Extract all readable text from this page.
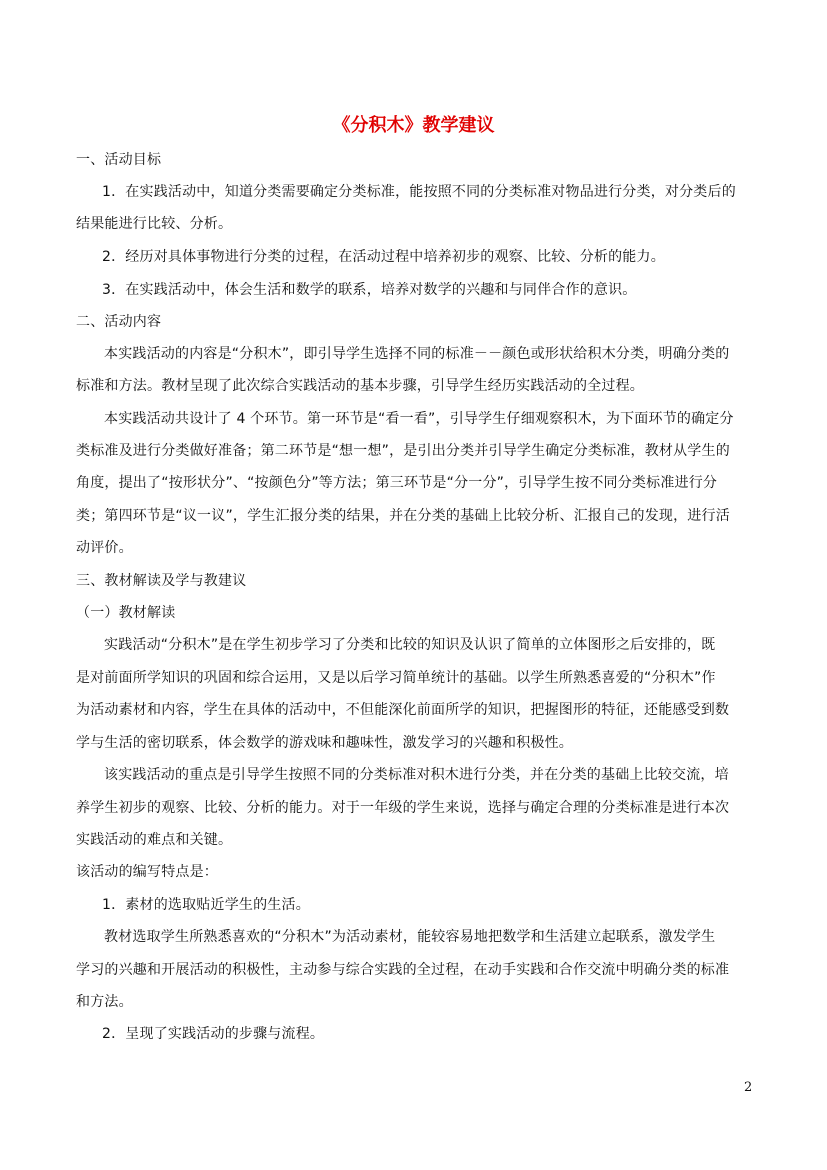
《分积木》教学建议
一、活动目标
1．在实践活动中，知道分类需要确定分类标准，能按照不同的分类标准对物品进行分类，对分类后的
结果能进行比较、分析。
2．经历对具体事物进行分类的过程，在活动过程中培养初步的观察、比较、分析的能力。
3．在实践活动中，体会生活和数学的联系，培养对数学的兴趣和与同伴合作的意识。
二、活动内容
本实践活动的内容是“分积木”，即引导学生选择不同的标准－－颜色或形状给积木分类，明确分类的
标准和方法。教材呈现了此次综合实践活动的基本步骤，引导学生经历实践活动的全过程。
本实践活动共设计了 4 个环节。第一环节是“看一看”，引导学生仔细观察积木，为下面环节的确定分
类标准及进行分类做好准备；第二环节是“想一想”，是引出分类并引导学生确定分类标准，教材从学生的
角度，提出了“按形状分”、“按颜色分”等方法；第三环节是“分一分”，引导学生按不同分类标准进行分
类；第四环节是“议一议”，学生汇报分类的结果，并在分类的基础上比较分析、汇报自己的发现，进行活
动评价。
三、教材解读及学与教建议
（一）教材解读
实践活动“分积木”是在学生初步学习了分类和比较的知识及认识了简单的立体图形之后安排的，既
是对前面所学知识的巩固和综合运用，又是以后学习简单统计的基础。以学生所熟悉喜爱的“分积木”作
为活动素材和内容，学生在具体的活动中，不但能深化前面所学的知识，把握图形的特征，还能感受到数
学与生活的密切联系，体会数学的游戏味和趣味性，激发学习的兴趣和积极性。
该实践活动的重点是引导学生按照不同的分类标准对积木进行分类，并在分类的基础上比较交流，培
养学生初步的观察、比较、分析的能力。对于一年级的学生来说，选择与确定合理的分类标准是进行本次
实践活动的难点和关键。
该活动的编写特点是：
1．素材的选取贴近学生的生活。
教材选取学生所熟悉喜欢的“分积木”为活动素材，能较容易地把数学和生活建立起联系，激发学生
学习的兴趣和开展活动的积极性，主动参与综合实践的全过程，在动手实践和合作交流中明确分类的标准
和方法。
2．呈现了实践活动的步骤与流程。
2
